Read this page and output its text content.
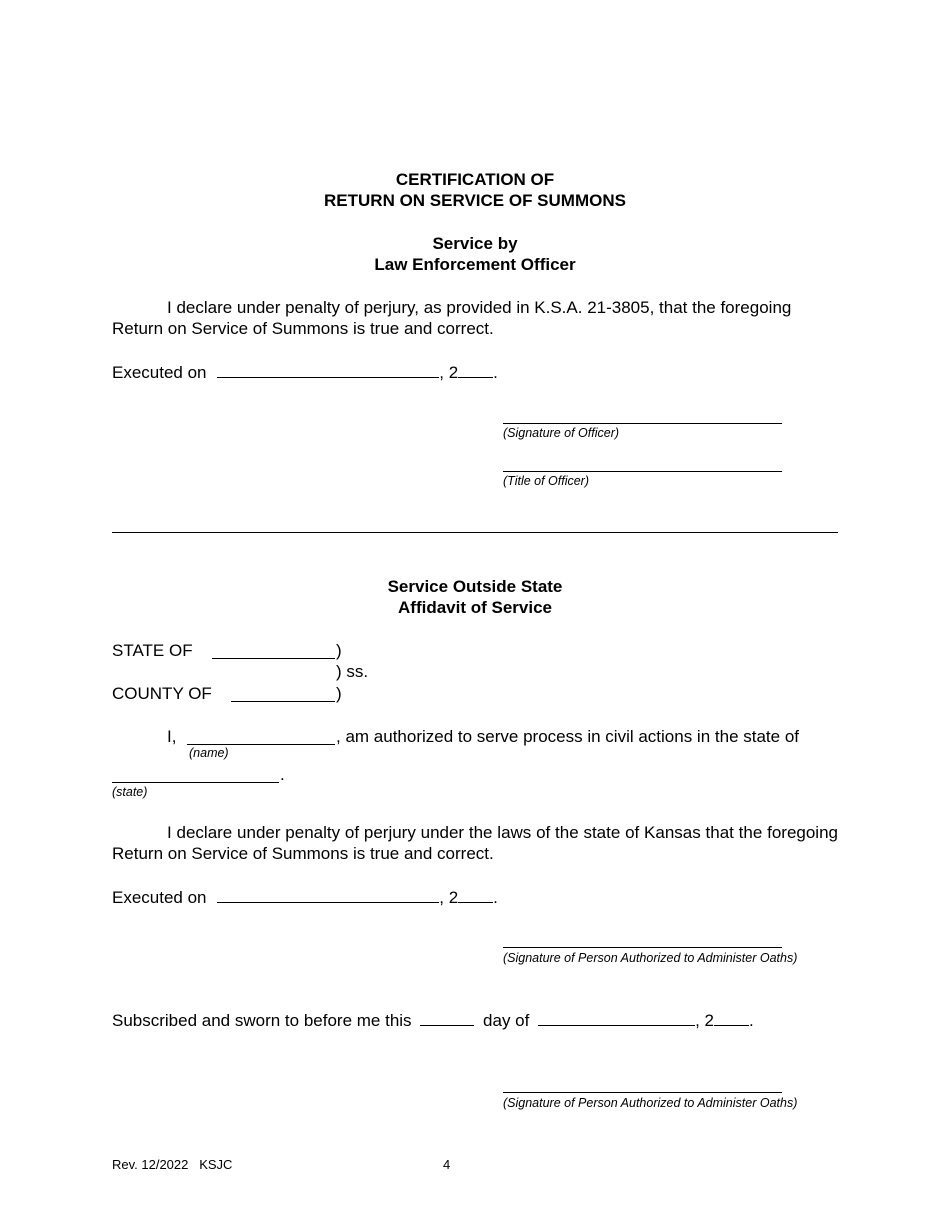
CERTIFICATION OF
RETURN ON SERVICE OF SUMMONS
Service by
Law Enforcement Officer
I declare under penalty of perjury, as provided in K.S.A. 21-3805, that the foregoing
Return on Service of Summons is true and correct.
Executed on	, 2 .
(Signature of Officer)
(Title of Officer)
Service Outside State
Affidavit of Service
STATE OF	)
) ss.
COUNTY OF	)
I,	, am authorized to serve process in civil actions in the state of
(name)
.
(state)
I declare under penalty of perjury under the laws of the state of Kansas that the foregoing Return on Service of Summons is true and correct.
Executed on	, 2 .
(Signature of Person Authorized to Administer Oaths)
Subscribed and sworn to before me this	day of	, 2 .
(Signature of Person Authorized to Administer Oaths)
Rev. 12/2022   KSJC	4
